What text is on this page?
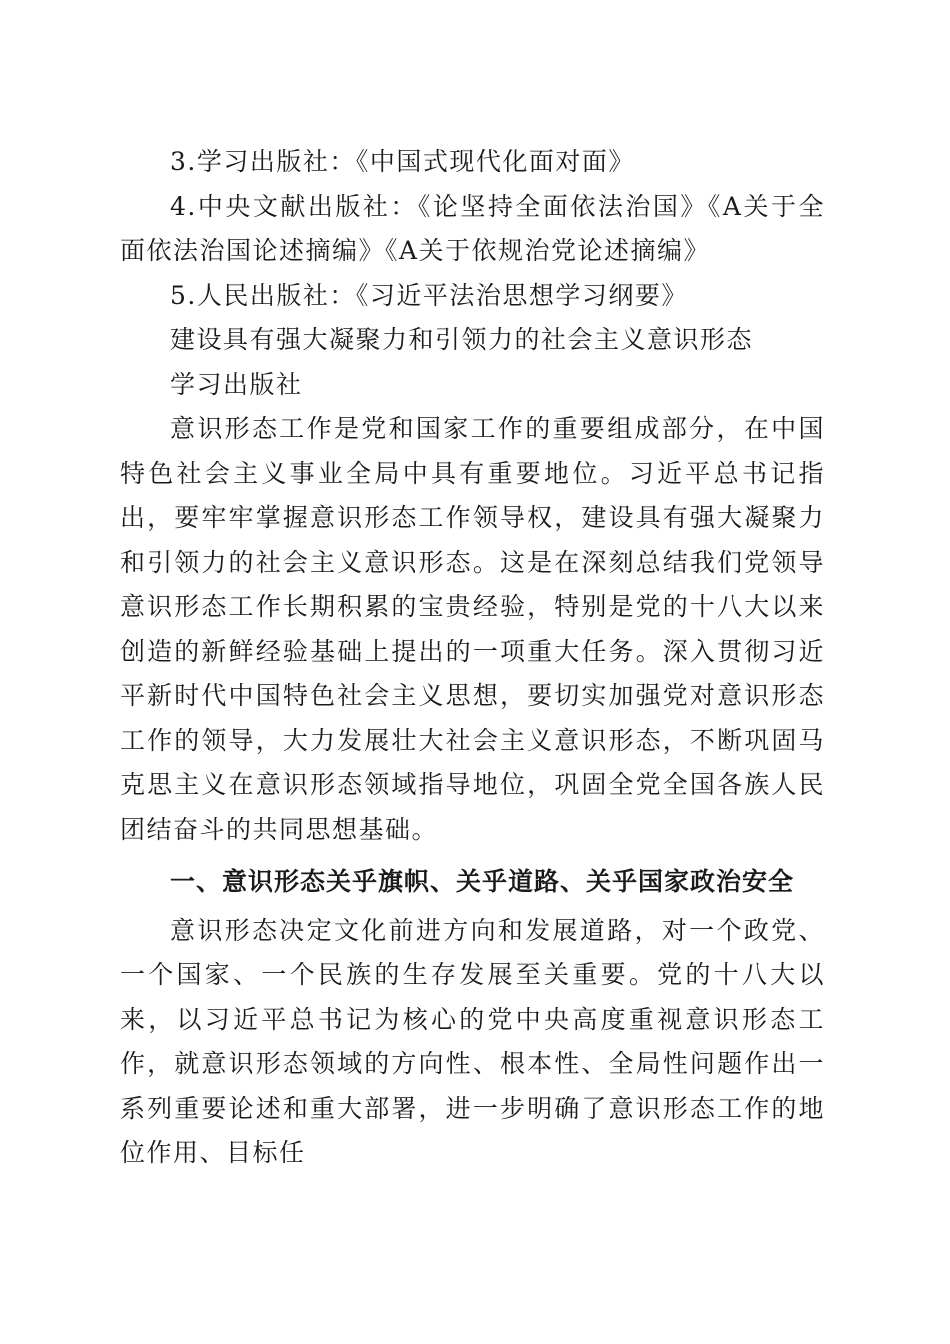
3.学习出版社：《中国式现代化面对面》

4.中央文献出版社：《论坚持全面依法治国》《A关于全面依法治国论述摘编》《A关于依规治党论述摘编》

5.人民出版社：《习近平法治思想学习纲要》

建设具有强大凝聚力和引领力的社会主义意识形态

学习出版社

意识形态工作是党和国家工作的重要组成部分，在中国特色社会主义事业全局中具有重要地位。习近平总书记指出，要牢牢掌握意识形态工作领导权，建设具有强大凝聚力和引领力的社会主义意识形态。这是在深刻总结我们党领导意识形态工作长期积累的宝贵经验，特别是党的十八大以来创造的新鲜经验基础上提出的一项重大任务。深入贯彻习近平新时代中国特色社会主义思想，要切实加强党对意识形态工作的领导，大力发展壮大社会主义意识形态，不断巩固马克思主义在意识形态领域指导地位，巩固全党全国各族人民团结奋斗的共同思想基础。

一、意识形态关乎旗帜、关乎道路、关乎国家政治安全

意识形态决定文化前进方向和发展道路，对一个政党、一个国家、一个民族的生存发展至关重要。党的十八大以来，以习近平总书记为核心的党中央高度重视意识形态工作，就意识形态领域的方向性、根本性、全局性问题作出一系列重要论述和重大部署，进一步明确了意识形态工作的地位作用、目标任
